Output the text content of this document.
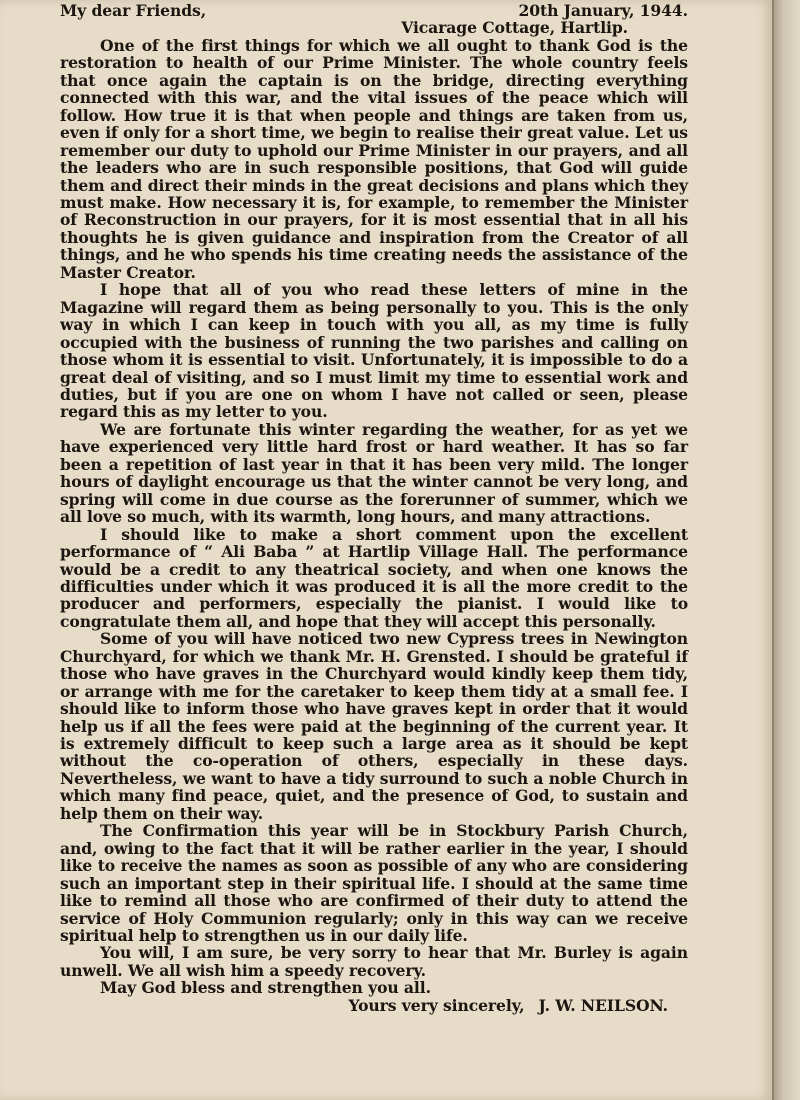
My dear Friends,	20th January, 1944.
Vicarage Cottage, Hartlip.

One of the first things for which we all ought to thank God is the restoration to health of our Prime Minister. The whole country feels that once again the captain is on the bridge, directing everything connected with this war, and the vital issues of the peace which will follow. How true it is that when people and things are taken from us, even if only for a short time, we begin to realise their great value. Let us remember our duty to uphold our Prime Minister in our prayers, and all the leaders who are in such responsible positions, that God will guide them and direct their minds in the great decisions and plans which they must make. How necessary it is, for example, to remember the Minister of Reconstruction in our prayers, for it is most essential that in all his thoughts he is given guidance and inspiration from the Creator of all things, and he who spends his time creating needs the assistance of the Master Creator.

I hope that all of you who read these letters of mine in the Magazine will regard them as being personally to you. This is the only way in which I can keep in touch with you all, as my time is fully occupied with the business of running the two parishes and calling on those whom it is essential to visit. Unfortunately, it is impossible to do a great deal of visiting, and so I must limit my time to essential work and duties, but if you are one on whom I have not called or seen, please regard this as my letter to you.

We are fortunate this winter regarding the weather, for as yet we have experienced very little hard frost or hard weather. It has so far been a repetition of last year in that it has been very mild. The longer hours of daylight encourage us that the winter cannot be very long, and spring will come in due course as the forerunner of summer, which we all love so much, with its warmth, long hours, and many attractions.

I should like to make a short comment upon the excellent performance of “ Ali Baba ” at Hartlip Village Hall. The performance would be a credit to any theatrical society, and when one knows the difficulties under which it was produced it is all the more credit to the producer and performers, especially the pianist. I would like to congratulate them all, and hope that they will accept this personally.

Some of you will have noticed two new Cypress trees in Newington Churchyard, for which we thank Mr. H. Grensted. I should be grateful if those who have graves in the Churchyard would kindly keep them tidy, or arrange with me for the caretaker to keep them tidy at a small fee. I should like to inform those who have graves kept in order that it would help us if all the fees were paid at the beginning of the current year. It is extremely difficult to keep such a large area as it should be kept without the co-operation of others, especially in these days. Nevertheless, we want to have a tidy surround to such a noble Church in which many find peace, quiet, and the presence of God, to sustain and help them on their way.

The Confirmation this year will be in Stockbury Parish Church, and, owing to the fact that it will be rather earlier in the year, I should like to receive the names as soon as possible of any who are considering such an important step in their spiritual life. I should at the same time like to remind all those who are confirmed of their duty to attend the service of Holy Communion regularly; only in this way can we receive spiritual help to strengthen us in our daily life.

You will, I am sure, be very sorry to hear that Mr. Burley is again unwell. We all wish him a speedy recovery.

May God bless and strengthen you all.

Yours very sincerely, J. W. NEILSON.
